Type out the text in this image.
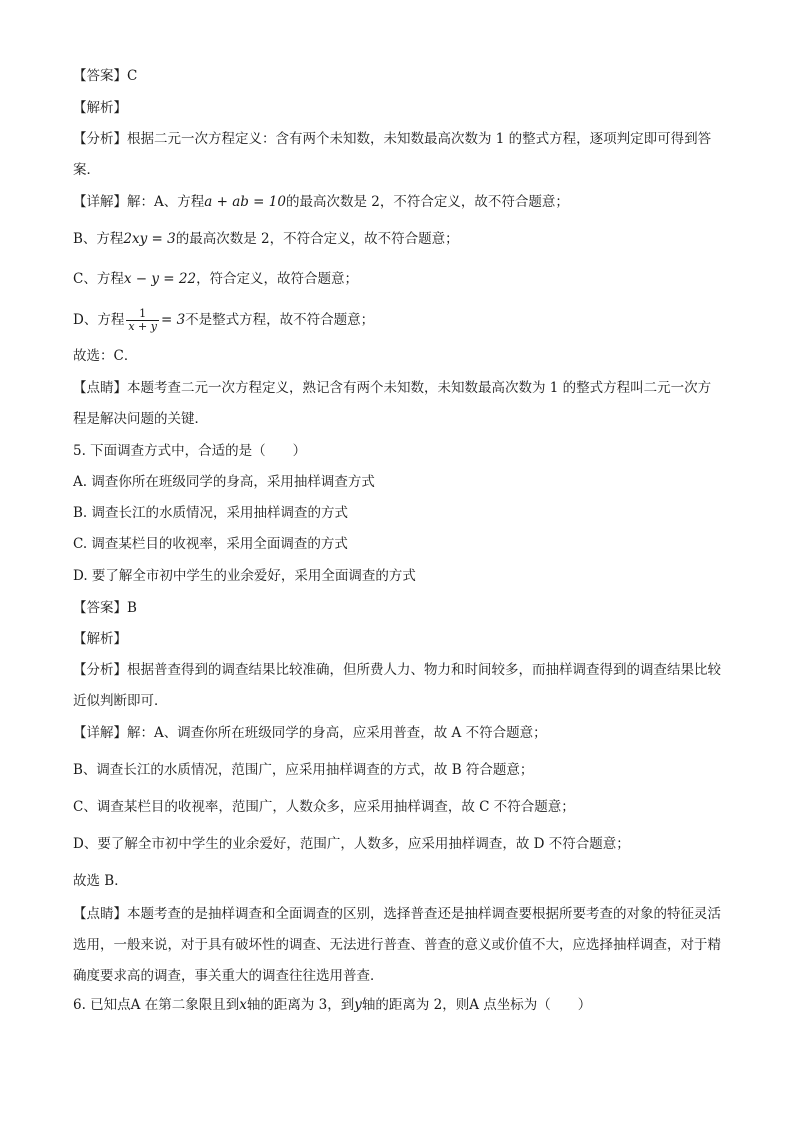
【答案】C
【解析】
【分析】根据二元一次方程定义：含有两个未知数，未知数最高次数为 1 的整式方程，逐项判定即可得到答案．
【详解】解：A、方程a + ab = 10的最高次数是 2，不符合定义，故不符合题意；
B、方程2xy = 3的最高次数是 2，不符合定义，故不符合题意；
C、方程x − y = 22，符合定义，故符合题意；
D、方程 $\frac{1}{x + y} = 3$不是整式方程，故不符合题意；
故选：C．
【点睛】本题考查二元一次方程定义，熟记含有两个未知数，未知数最高次数为 1 的整式方程叫二元一次方程是解决问题的关键．
5. 下面调查方式中，合适的是（　　）
A. 调查你所在班级同学的身高，采用抽样调查方式
B. 调查长江的水质情况，采用抽样调查的方式
C. 调查某栏目的收视率，采用全面调查的方式
D. 要了解全市初中学生的业余爱好，采用全面调查的方式
【答案】B
【解析】
【分析】根据普查得到的调查结果比较准确，但所费人力、物力和时间较多，而抽样调查得到的调查结果比较近似判断即可．
【详解】解：A、调查你所在班级同学的身高，应采用普查，故 A 不符合题意；
B、调查长江的水质情况，范围广，应采用抽样调查的方式，故 B 符合题意；
C、调查某栏目的收视率，范围广，人数众多，应采用抽样调查，故 C 不符合题意；
D、要了解全市初中学生的业余爱好，范围广，人数多，应采用抽样调查，故 D 不符合题意；
故选 B．
【点睛】本题考查的是抽样调查和全面调查的区别，选择普查还是抽样调查要根据所要考查的对象的特征灵活选用，一般来说，对于具有破坏性的调查、无法进行普查、普查的意义或价值不大，应选择抽样调查，对于精确度要求高的调查，事关重大的调查往往选用普查．
6. 已知点A 在第二象限且到x轴的距离为 3，到y轴的距离为 2，则A 点坐标为（　　）
